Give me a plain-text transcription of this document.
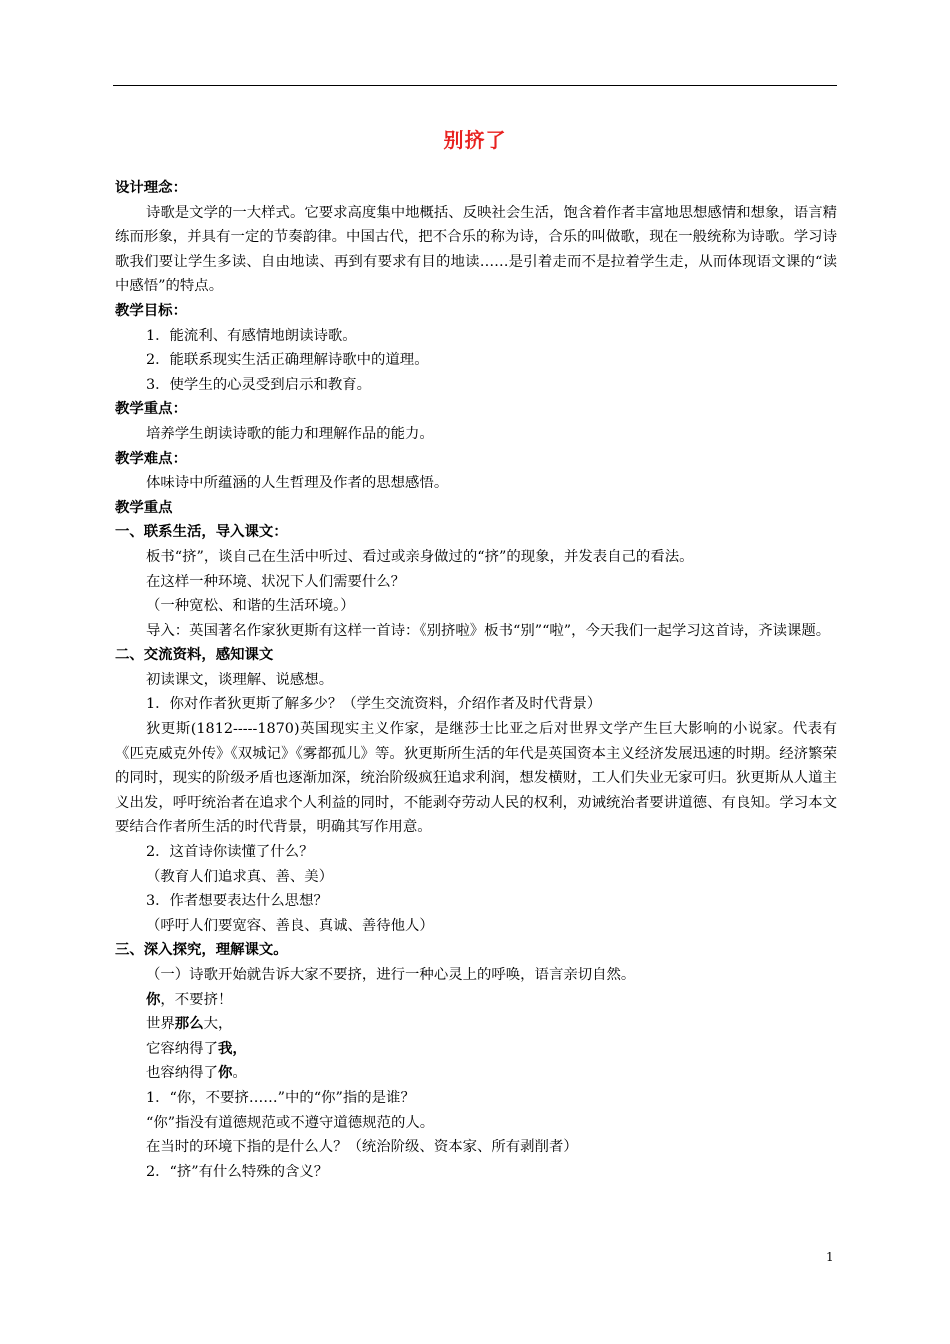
别挤了

设计理念：

诗歌是文学的一大样式。它要求高度集中地概括、反映社会生活，饱含着作者丰富地思想感情和想象，语言精练而形象，并具有一定的节奏韵律。中国古代，把不合乐的称为诗，合乐的叫做歌，现在一般统称为诗歌。学习诗歌我们要让学生多读、自由地读、再到有要求有目的地读……是引着走而不是拉着学生走，从而体现语文课的“读中感悟”的特点。

教学目标：

1．能流利、有感情地朗读诗歌。

2．能联系现实生活正确理解诗歌中的道理。

3．使学生的心灵受到启示和教育。

教学重点：

培养学生朗读诗歌的能力和理解作品的能力。

教学难点：

体味诗中所蕴涵的人生哲理及作者的思想感悟。

教学重点

一、联系生活，导入课文：

板书“挤”，谈自己在生活中听过、看过或亲身做过的“挤”的现象，并发表自己的看法。

在这样一种环境、状况下人们需要什么？

（一种宽松、和谐的生活环境。）

导入：英国著名作家狄更斯有这样一首诗：《别挤啦》板书“别”“啦”，今天我们一起学习这首诗，齐读课题。

二、交流资料，感知课文

初读课文，谈理解、说感想。

1．你对作者狄更斯了解多少？（学生交流资料，介绍作者及时代背景）

狄更斯(1812-----1870)英国现实主义作家，是继莎士比亚之后对世界文学产生巨大影响的小说家。代表有《匹克威克外传》《双城记》《雾都孤儿》等。狄更斯所生活的年代是英国资本主义经济发展迅速的时期。经济繁荣的同时，现实的阶级矛盾也逐渐加深，统治阶级疯狂追求利润，想发横财，工人们失业无家可归。狄更斯从人道主义出发，呼吁统治者在追求个人利益的同时，不能剥夺劳动人民的权利，劝诫统治者要讲道德、有良知。学习本文要结合作者所生活的时代背景，明确其写作用意。

2．这首诗你读懂了什么？

（教育人们追求真、善、美）

3．作者想要表达什么思想？

（呼吁人们要宽容、善良、真诚、善待他人）

三、深入探究，理解课文。

（一）诗歌开始就告诉大家不要挤，进行一种心灵上的呼唤，语言亲切自然。

你，不要挤！

世界那么大，

它容纳得了我，

也容纳得了你。

1．“你，不要挤……”中的“你”指的是谁？

“你”指没有道德规范或不遵守道德规范的人。

在当时的环境下指的是什么人？（统治阶级、资本家、所有剥削者）

2．“挤”有什么特殊的含义？

1
